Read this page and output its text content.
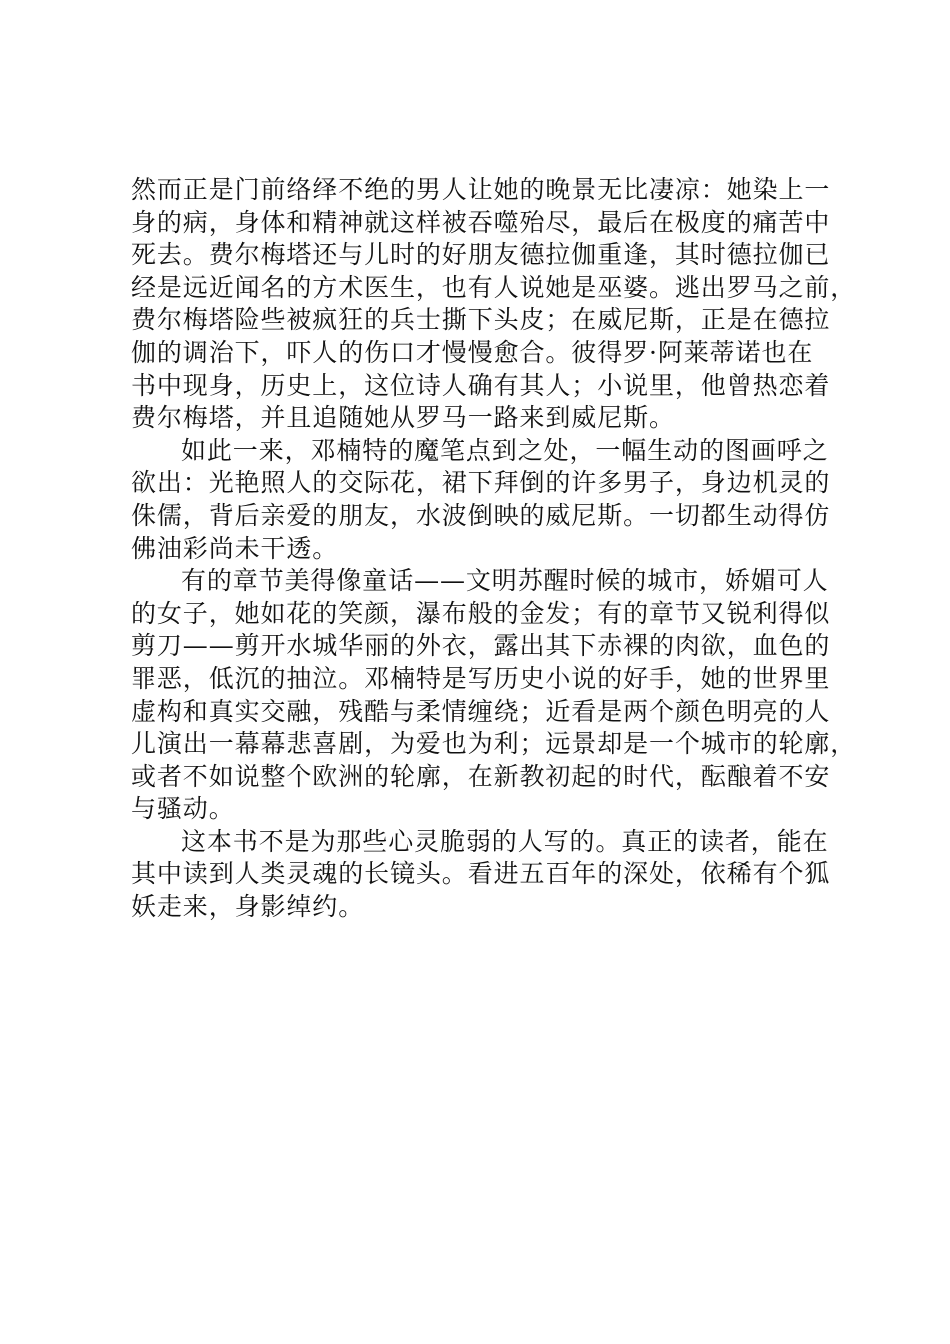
然而正是门前络绎不绝的男人让她的晚景无比凄凉：她染上一
身的病，身体和精神就这样被吞噬殆尽，最后在极度的痛苦中
死去。费尔梅塔还与儿时的好朋友德拉伽重逢，其时德拉伽已
经是远近闻名的方术医生，也有人说她是巫婆。逃出罗马之前，
费尔梅塔险些被疯狂的兵士撕下头皮；在威尼斯，正是在德拉
伽的调治下，吓人的伤口才慢慢愈合。彼得罗·阿莱蒂诺也在
书中现身，历史上，这位诗人确有其人；小说里，他曾热恋着
费尔梅塔，并且追随她从罗马一路来到威尼斯。
如此一来，邓楠特的魔笔点到之处，一幅生动的图画呼之
欲出：光艳照人的交际花，裙下拜倒的许多男子，身边机灵的
侏儒，背后亲爱的朋友，水波倒映的威尼斯。一切都生动得仿
佛油彩尚未干透。
有的章节美得像童话——文明苏醒时候的城市，娇媚可人
的女子，她如花的笑颜，瀑布般的金发；有的章节又锐利得似
剪刀——剪开水城华丽的外衣，露出其下赤裸的肉欲，血色的
罪恶，低沉的抽泣。邓楠特是写历史小说的好手，她的世界里
虚构和真实交融，残酷与柔情缠绕；近看是两个颜色明亮的人
儿演出一幕幕悲喜剧，为爱也为利；远景却是一个城市的轮廓，
或者不如说整个欧洲的轮廓，在新教初起的时代，酝酿着不安
与骚动。
这本书不是为那些心灵脆弱的人写的。真正的读者，能在
其中读到人类灵魂的长镜头。看进五百年的深处，依稀有个狐
妖走来，身影绰约。
